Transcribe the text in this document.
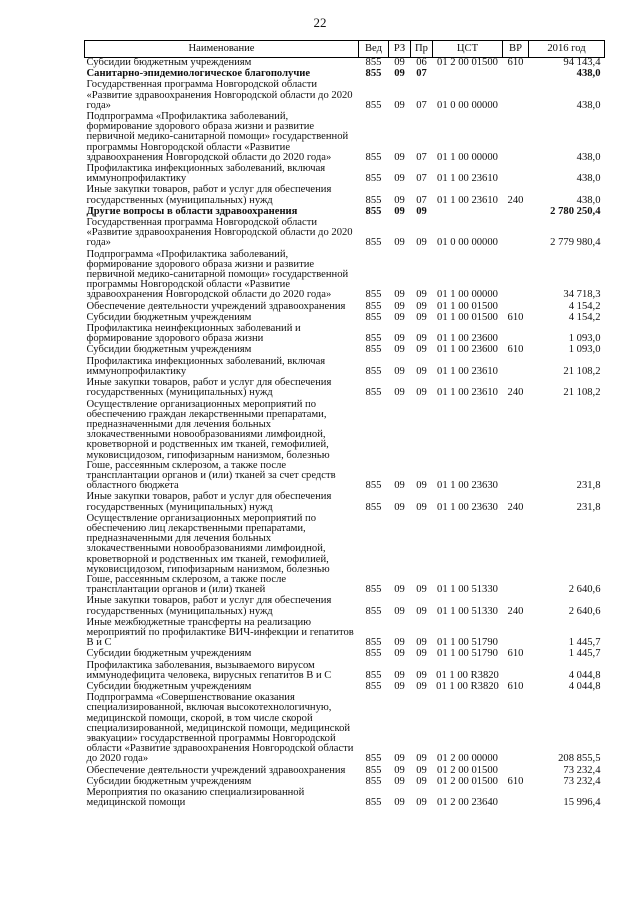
22
Наименование	Вед	РЗ	Пр	ЦСТ	ВР	2016 год
Субсидии бюджетным учреждениям	855	09	06	01 2 00 01500	610	94 143,4
Санитарно-эпидемиологическое благополучие	855	09	07			438,0
Государственная программа Новгородской области «Развитие здравоохранения Новгородской области до 2020 года»	855	09	07	01 0 00 00000		438,0
Подпрограмма «Профилактика заболеваний, формирование здорового образа жизни и развитие первичной медико-санитарной помощи» государственной программы Новгородской области «Развитие здравоохранения Новгородской области до 2020 года»	855	09	07	01 1 00 00000		438,0
Профилактика инфекционных заболеваний, включая иммунопрофилактику	855	09	07	01 1 00 23610		438,0
Иные закупки товаров, работ и услуг для обеспечения государственных (муниципальных) нужд	855	09	07	01 1 00 23610	240	438,0
Другие вопросы в области здравоохранения	855	09	09			2 780 250,4
Государственная программа Новгородской области «Развитие здравоохранения Новгородской области до 2020 года»	855	09	09	01 0 00 00000		2 779 980,4
Подпрограмма «Профилактика заболеваний, формирование здорового образа жизни и развитие первичной медико-санитарной помощи» государственной программы Новгородской области «Развитие здравоохранения Новгородской области до 2020 года»	855	09	09	01 1 00 00000		34 718,3
Обеспечение деятельности учреждений здравоохранения	855	09	09	01 1 00 01500		4 154,2
Субсидии бюджетным учреждениям	855	09	09	01 1 00 01500	610	4 154,2
Профилактика неинфекционных заболеваний и формирование здорового образа жизни	855	09	09	01 1 00 23600		1 093,0
Субсидии бюджетным учреждениям	855	09	09	01 1 00 23600	610	1 093,0
Профилактика инфекционных заболеваний, включая иммунопрофилактику	855	09	09	01 1 00 23610		21 108,2
Иные закупки товаров, работ и услуг для обеспечения государственных (муниципальных) нужд	855	09	09	01 1 00 23610	240	21 108,2
Осуществление организационных мероприятий по обеспечению граждан лекарственными препаратами, предназначенными для лечения больных злокачественными новообразованиями лимфоидной, кроветворной и родственных им тканей, гемофилией, муковисцидозом, гипофизарным нанизмом, болезнью Гоше, рассеянным склерозом, а также после трансплантации органов и (или) тканей за счет средств областного бюджета	855	09	09	01 1 00 23630		231,8
Иные закупки товаров, работ и услуг для обеспечения государственных (муниципальных) нужд	855	09	09	01 1 00 23630	240	231,8
Осуществление организационных мероприятий по обеспечению лиц лекарственными препаратами, предназначенными для лечения больных злокачественными новообразованиями лимфоидной, кроветворной и родственных им тканей, гемофилией, муковисцидозом, гипофизарным нанизмом, болезнью Гоше, рассеянным склерозом, а также после трансплантации органов и (или) тканей	855	09	09	01 1 00 51330		2 640,6
Иные закупки товаров, работ и услуг для обеспечения государственных (муниципальных) нужд	855	09	09	01 1 00 51330	240	2 640,6
Иные межбюджетные трансферты на реализацию мероприятий по профилактике ВИЧ-инфекции и гепатитов В и С	855	09	09	01 1 00 51790		1 445,7
Субсидии бюджетным учреждениям	855	09	09	01 1 00 51790	610	1 445,7
Профилактика заболевания, вызываемого вирусом иммунодефицита человека, вирусных гепатитов В и С	855	09	09	01 1 00 R3820		4 044,8
Субсидии бюджетным учреждениям	855	09	09	01 1 00 R3820	610	4 044,8
Подпрограмма «Совершенствование оказания специализированной, включая высокотехнологичную, медицинской помощи, скорой, в том числе скорой специализированной, медицинской помощи, медицинской эвакуации» государственной программы Новгородской области «Развитие здравоохранения Новгородской области до 2020 года»	855	09	09	01 2 00 00000		208 855,5
Обеспечение деятельности учреждений здравоохранения	855	09	09	01 2 00 01500		73 232,4
Субсидии бюджетным учреждениям	855	09	09	01 2 00 01500	610	73 232,4
Мероприятия по оказанию специализированной медицинской помощи	855	09	09	01 2 00 23640		15 996,4
